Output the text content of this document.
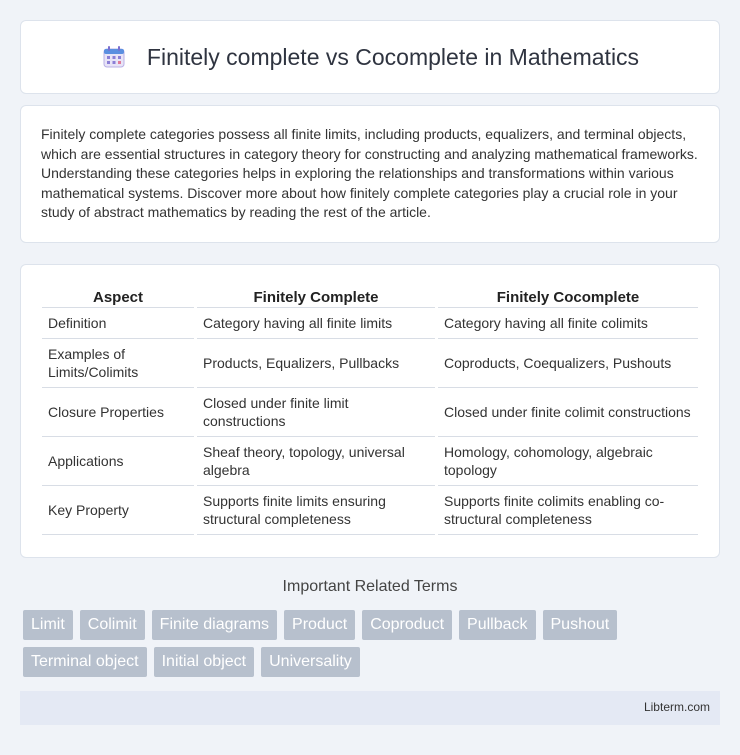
Finitely complete vs Cocomplete in Mathematics

Finitely complete categories possess all finite limits, including products, equalizers, and terminal objects, which are essential structures in category theory for constructing and analyzing mathematical frameworks. Understanding these categories helps in exploring the relationships and transformations within various mathematical systems. Discover more about how finitely complete categories play a crucial role in your study of abstract mathematics by reading the rest of the article.

Aspect	Finitely Complete	Finitely Cocomplete
Definition	Category having all finite limits	Category having all finite colimits
Examples of Limits/Colimits	Products, Equalizers, Pullbacks	Coproducts, Coequalizers, Pushouts
Closure Properties	Closed under finite limit constructions	Closed under finite colimit constructions
Applications	Sheaf theory, topology, universal algebra	Homology, cohomology, algebraic topology
Key Property	Supports finite limits ensuring structural completeness	Supports finite colimits enabling co-structural completeness
Important Related Terms
Limit	Colimit	Finite diagrams	Product	Coproduct	Pullback	Pushout
Terminal object	Initial object	Universality
Libterm.com
